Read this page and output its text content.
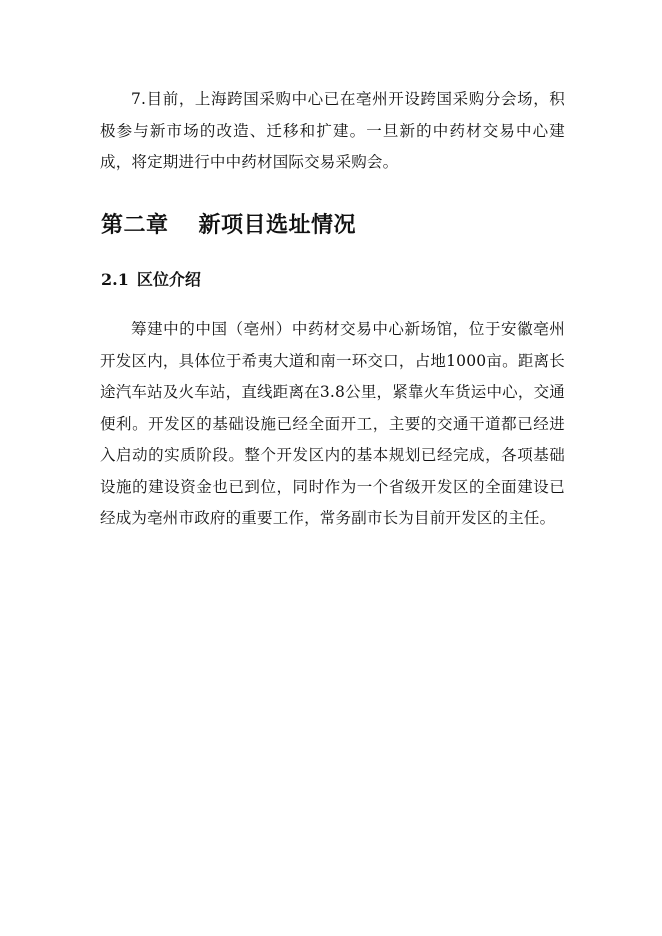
7.目前，上海跨国采购中心已在亳州开设跨国采购分会场，积极参与新市场的改造、迁移和扩建。一旦新的中药材交易中心建成，将定期进行中中药材国际交易采购会。

第二章 新项目选址情况
2.1 区位介绍

筹建中的中国（亳州）中药材交易中心新场馆，位于安徽亳州开发区内，具体位于希夷大道和南一环交口，占地1000亩。距离长途汽车站及火车站，直线距离在3.8公里，紧靠火车货运中心，交通便利。开发区的基础设施已经全面开工，主要的交通干道都已经进入启动的实质阶段。整个开发区内的基本规划已经完成，各项基础设施的建设资金也已到位，同时作为一个省级开发区的全面建设已经成为亳州市政府的重要工作，常务副市长为目前开发区的主任。
